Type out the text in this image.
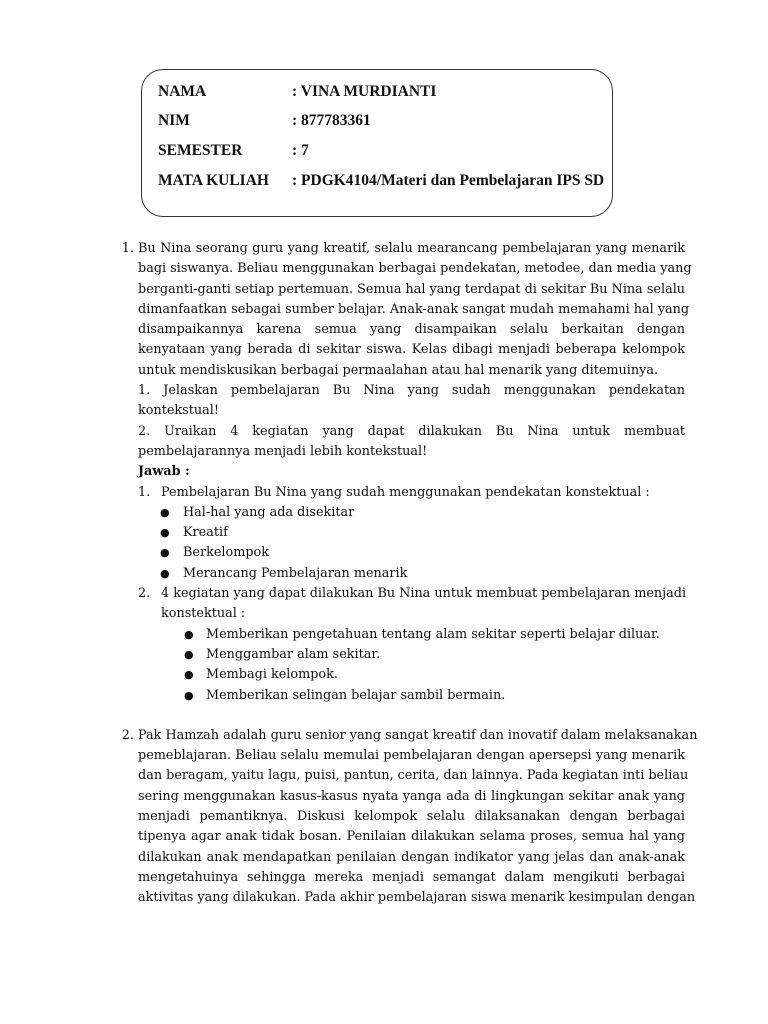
NAMA	: VINA MURDIANTI
NIM	: 877783361
SEMESTER	: 7
MATA KULIAH : PDGK4104/Materi dan Pembelajaran IPS SD
1. Bu Nina seorang guru yang kreatif, selalu mearancang pembelajaran yang menarik
bagi siswanya. Beliau menggunakan berbagai pendekatan, metodee, dan media yang
berganti-ganti setiap pertemuan. Semua hal yang terdapat di sekitar Bu Nina selalu
dimanfaatkan sebagai sumber belajar. Anak-anak sangat mudah memahami hal yang
disampaikannya karena semua yang disampaikan selalu berkaitan dengan
kenyataan yang berada di sekitar siswa. Kelas dibagi menjadi beberapa kelompok
untuk mendiskusikan berbagai permaalahan atau hal menarik yang ditemuinya.
1. Jelaskan pembelajaran Bu Nina yang sudah menggunakan pendekatan
kontekstual!
2. Uraikan 4 kegiatan yang dapat dilakukan Bu Nina untuk membuat
pembelajarannya menjadi lebih kontekstual!
Jawab :
1. Pembelajaran Bu Nina yang sudah menggunakan pendekatan konstektual :
● Hal-hal yang ada disekitar
● Kreatif
● Berkelompok
● Merancang Pembelajaran menarik
2. 4 kegiatan yang dapat dilakukan Bu Nina untuk membuat pembelajaran menjadi
konstektual :
● Memberikan pengetahuan tentang alam sekitar seperti belajar diluar.
● Menggambar alam sekitar.
● Membagi kelompok.
● Memberikan selingan belajar sambil bermain.
2. Pak Hamzah adalah guru senior yang sangat kreatif dan inovatif dalam melaksanakan
pemeblajaran. Beliau selalu memulai pembelajaran dengan apersepsi yang menarik
dan beragam, yaitu lagu, puisi, pantun, cerita, dan lainnya. Pada kegiatan inti beliau
sering menggunakan kasus-kasus nyata yanga ada di lingkungan sekitar anak yang
menjadi pemantiknya. Diskusi kelompok selalu dilaksanakan dengan berbagai
tipenya agar anak tidak bosan. Penilaian dilakukan selama proses, semua hal yang
dilakukan anak mendapatkan penilaian dengan indikator yang jelas dan anak-anak
mengetahuinya sehingga mereka menjadi semangat dalam mengikuti berbagai
aktivitas yang dilakukan. Pada akhir pembelajaran siswa menarik kesimpulan dengan
